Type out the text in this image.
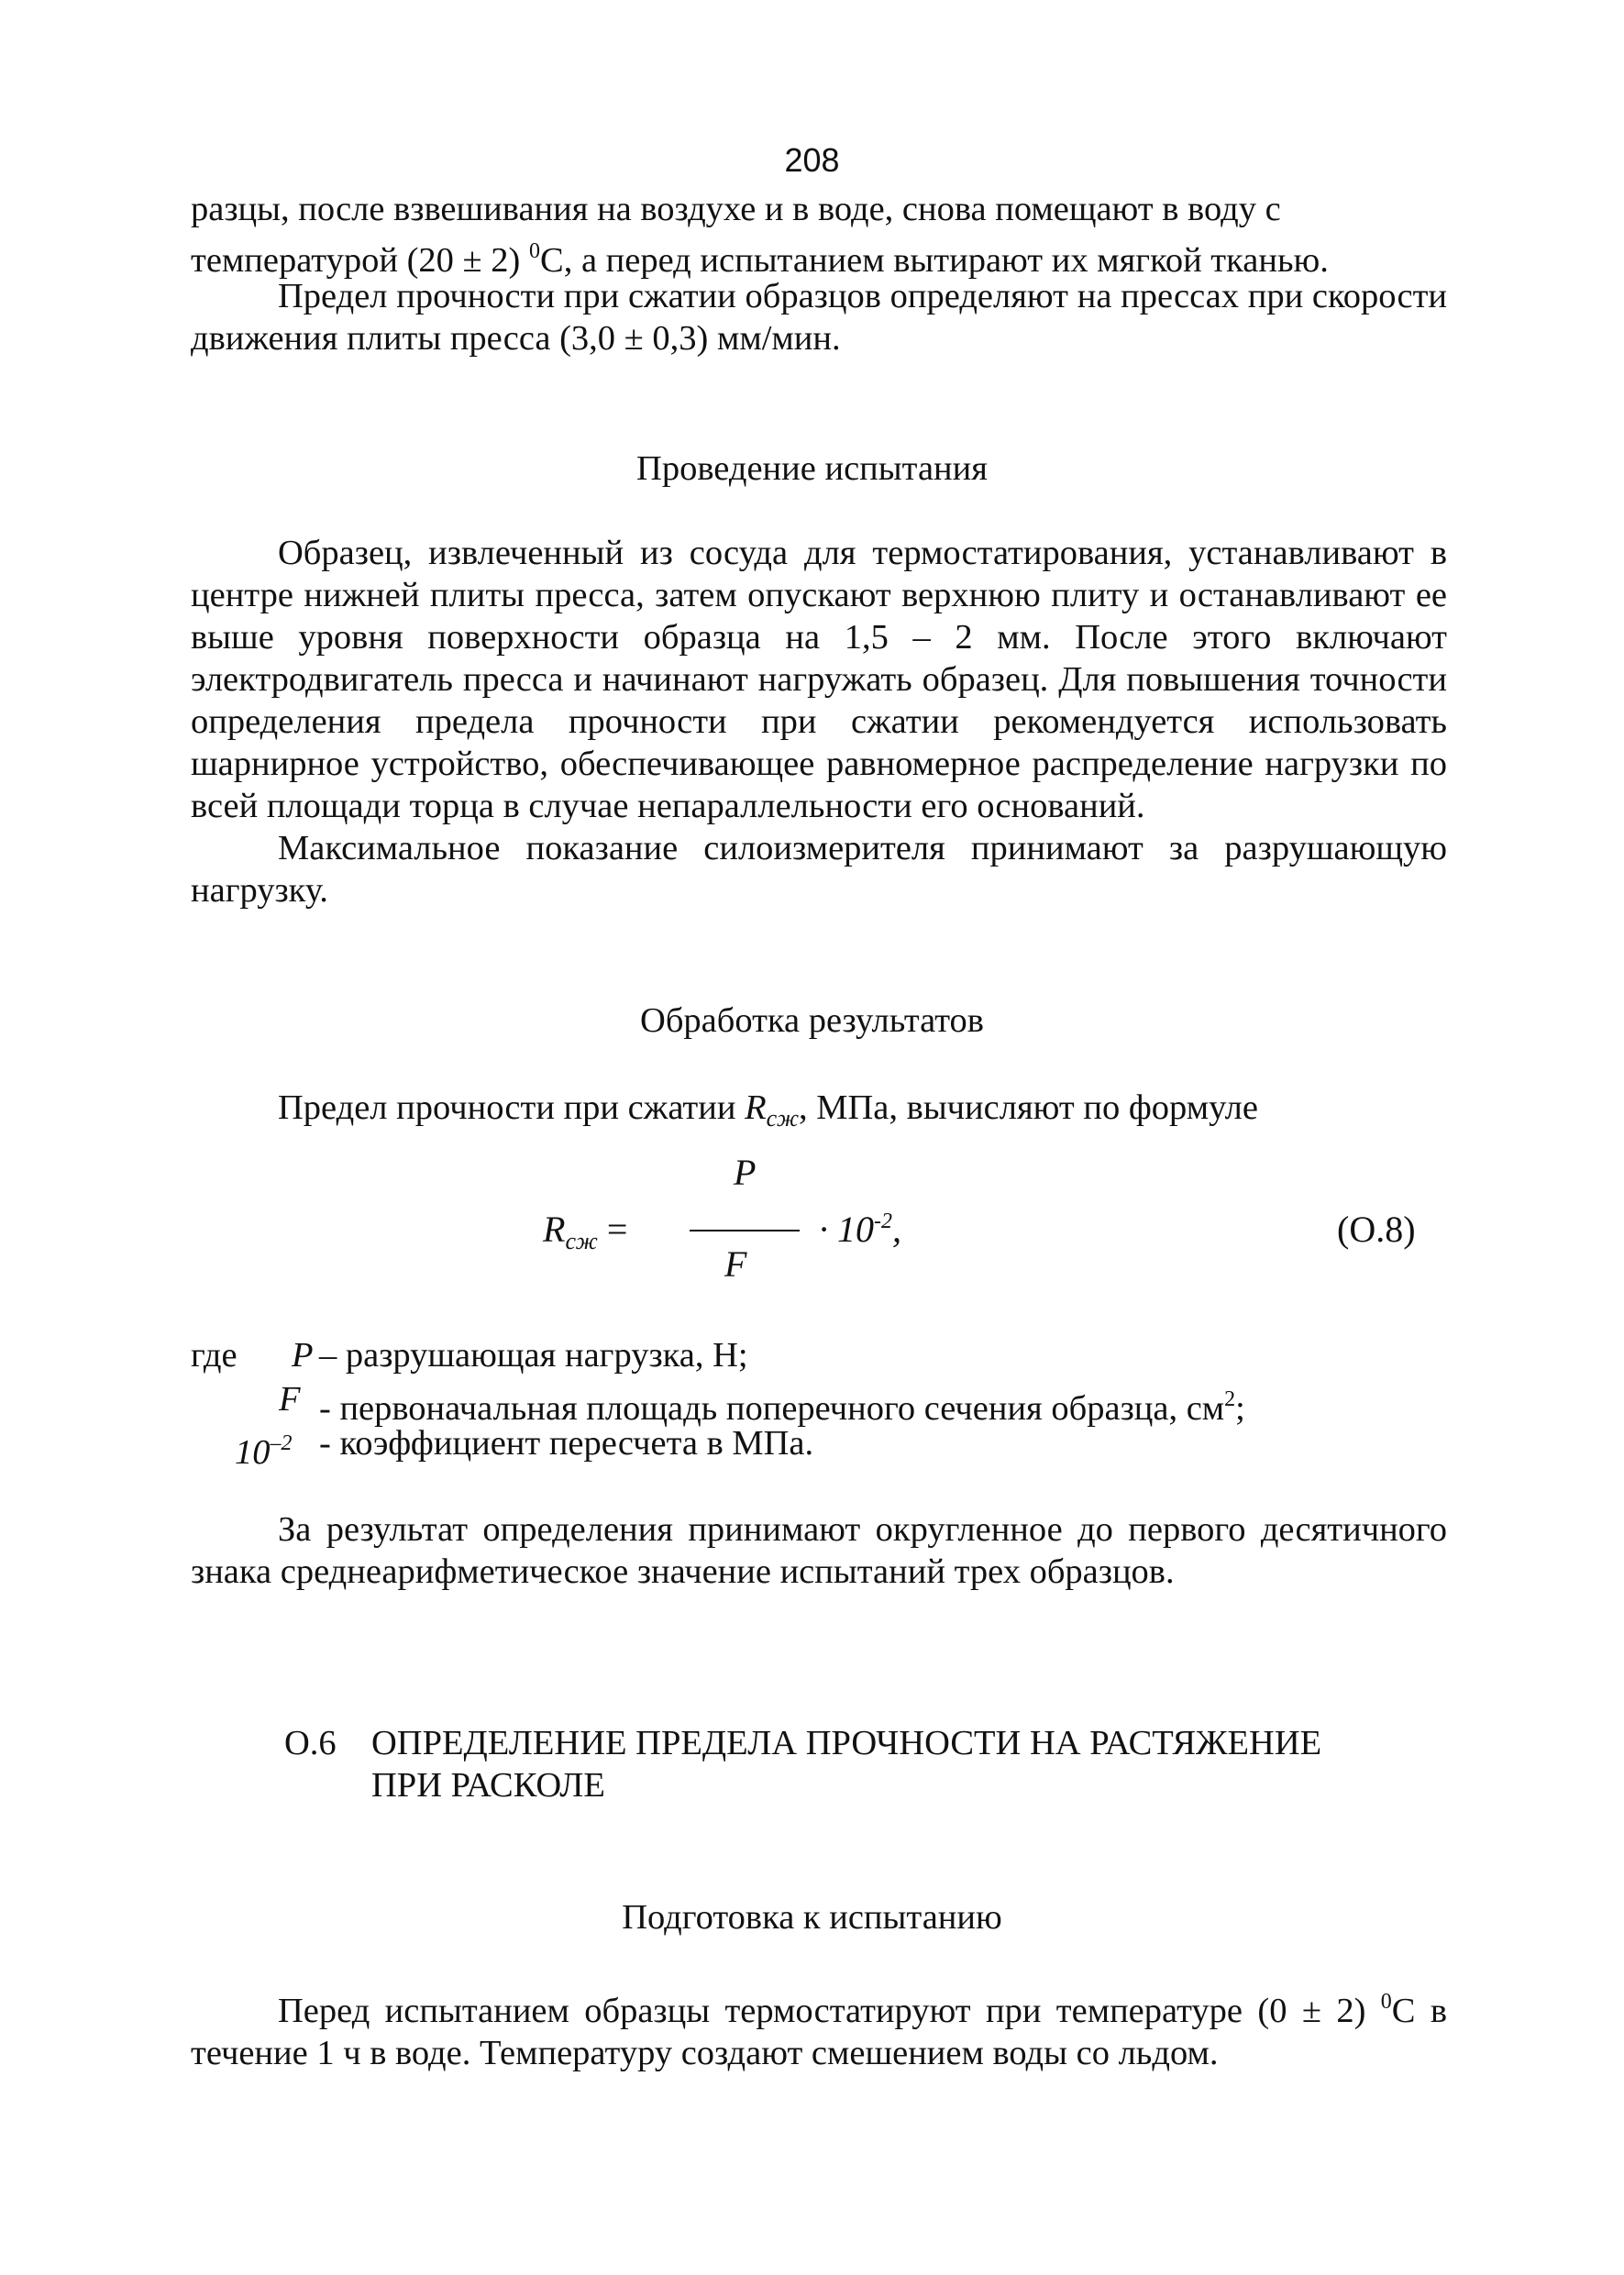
208
разцы, после взвешивания на воздухе и в воде, снова помещают в воду с
температурой (20 ± 2) $^0$С, а перед испытанием вытирают их мягкой тканью.
Предел прочности при сжатии образцов определяют на прессах при скорости движения плиты пресса (3,0 ± 0,3) мм/мин.
Проведение испытания
Образец, извлеченный из сосуда для термостатирования, устанавливают в центре нижней плиты пресса, затем опускают верхнюю плиту и останавливают ее выше уровня поверхности образца на 1,5 – 2 мм. После этого включают электродвигатель пресса и начинают нагружать образец. Для повышения точности определения предела прочности при сжатии рекомендуется использовать шарнирное устройство, обеспечивающее равномерное распределение нагрузки по всей площади торца в случае непараллельности его оснований.
Максимальное показание силоизмерителя принимают за разрушающую нагрузку.
Обработка результатов
Предел прочности при сжатии $R_{сж}$, МПа, вычисляют по формуле
$R_{сж}$ =
P
F
· $10^{-2}$,	(О.8)
где P – разрушающая нагрузка, Н;
F - первоначальная площадь поперечного сечения образца, $см^2$;
$10^{-2}$ - коэффициент пересчета в МПа.
За результат определения принимают округленное до первого десятичного знака среднеарифметическое значение испытаний трех образцов.
О.6 ОПРЕДЕЛЕНИЕ ПРЕДЕЛА ПРОЧНОСТИ НА РАСТЯЖЕНИЕ
ПРИ РАСКОЛЕ
Подготовка к испытанию
Перед испытанием образцы термостатируют при температуре (0 ± 2) $^0$С в течение 1 ч в воде. Температуру создают смешением воды со льдом.
